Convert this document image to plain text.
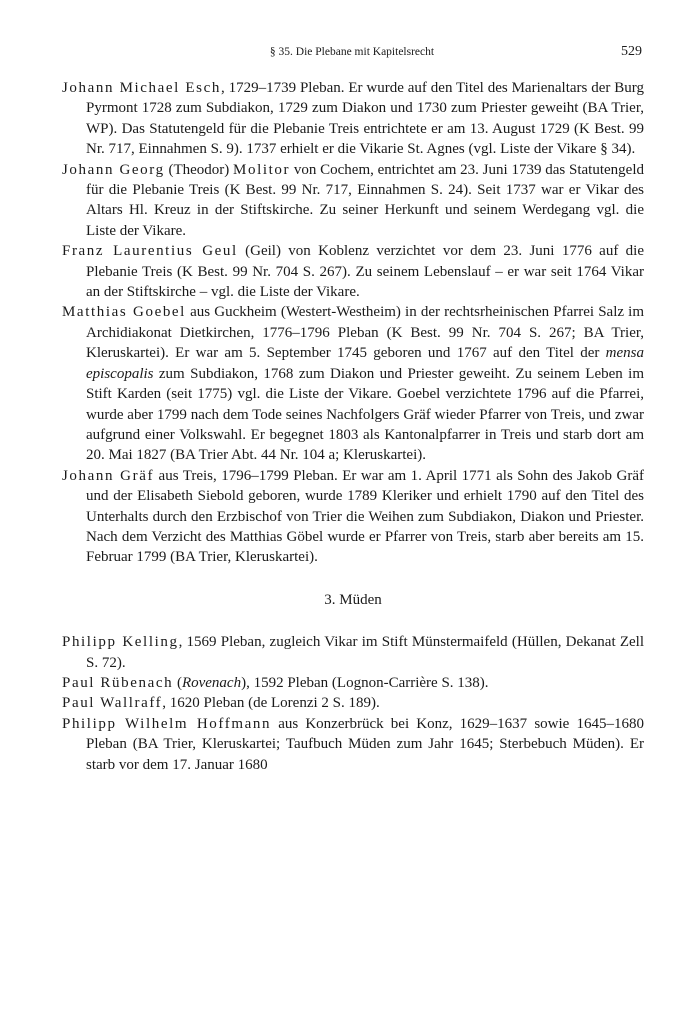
§ 35. Die Plebane mit Kapitelsrecht	529

Johann Michael Esch, 1729–1739 Pleban. Er wurde auf den Titel des Marienaltars der Burg Pyrmont 1728 zum Subdiakon, 1729 zum Diakon und 1730 zum Priester geweiht (BA Trier, WP). Das Statutengeld für die Plebanie Treis entrichtete er am 13. August 1729 (K Best. 99 Nr. 717, Einnahmen S. 9). 1737 erhielt er die Vikarie St. Agnes (vgl. Liste der Vikare § 34).

Johann Georg (Theodor) Molitor von Cochem, entrichtet am 23. Juni 1739 das Statutengeld für die Plebanie Treis (K Best. 99 Nr. 717, Einnahmen S. 24). Seit 1737 war er Vikar des Altars Hl. Kreuz in der Stiftskirche. Zu seiner Herkunft und seinem Werdegang vgl. die Liste der Vikare.

Franz Laurentius Geul (Geil) von Koblenz verzichtet vor dem 23. Juni 1776 auf die Plebanie Treis (K Best. 99 Nr. 704 S. 267). Zu seinem Lebenslauf – er war seit 1764 Vikar an der Stiftskirche – vgl. die Liste der Vikare.

Matthias Goebel aus Guckheim (Westert-Westheim) in der rechtsrheinischen Pfarrei Salz im Archidiakonat Dietkirchen, 1776–1796 Pleban (K Best. 99 Nr. 704 S. 267; BA Trier, Kleruskartei). Er war am 5. September 1745 geboren und 1767 auf den Titel der mensa episcopalis zum Subdiakon, 1768 zum Diakon und Priester geweiht. Zu seinem Leben im Stift Karden (seit 1775) vgl. die Liste der Vikare. Goebel verzichtete 1796 auf die Pfarrei, wurde aber 1799 nach dem Tode seines Nachfolgers Gräf wieder Pfarrer von Treis, und zwar aufgrund einer Volkswahl. Er begegnet 1803 als Kantonalpfarrer in Treis und starb dort am 20. Mai 1827 (BA Trier Abt. 44 Nr. 104 a; Kleruskartei).

Johann Gräf aus Treis, 1796–1799 Pleban. Er war am 1. April 1771 als Sohn des Jakob Gräf und der Elisabeth Siebold geboren, wurde 1789 Kleriker und erhielt 1790 auf den Titel des Unterhalts durch den Erzbischof von Trier die Weihen zum Subdiakon, Diakon und Priester. Nach dem Verzicht des Matthias Göbel wurde er Pfarrer von Treis, starb aber bereits am 15. Februar 1799 (BA Trier, Kleruskartei).

3. Müden

Philipp Kelling, 1569 Pleban, zugleich Vikar im Stift Münstermaifeld (Hüllen, Dekanat Zell S. 72).

Paul Rübenach (Rovenach), 1592 Pleban (Lognon-Carrière S. 138).

Paul Wallraff, 1620 Pleban (de Lorenzi 2 S. 189).

Philipp Wilhelm Hoffmann aus Konzerbrück bei Konz, 1629–1637 sowie 1645–1680 Pleban (BA Trier, Kleruskartei; Taufbuch Müden zum Jahr 1645; Sterbebuch Müden). Er starb vor dem 17. Januar 1680
